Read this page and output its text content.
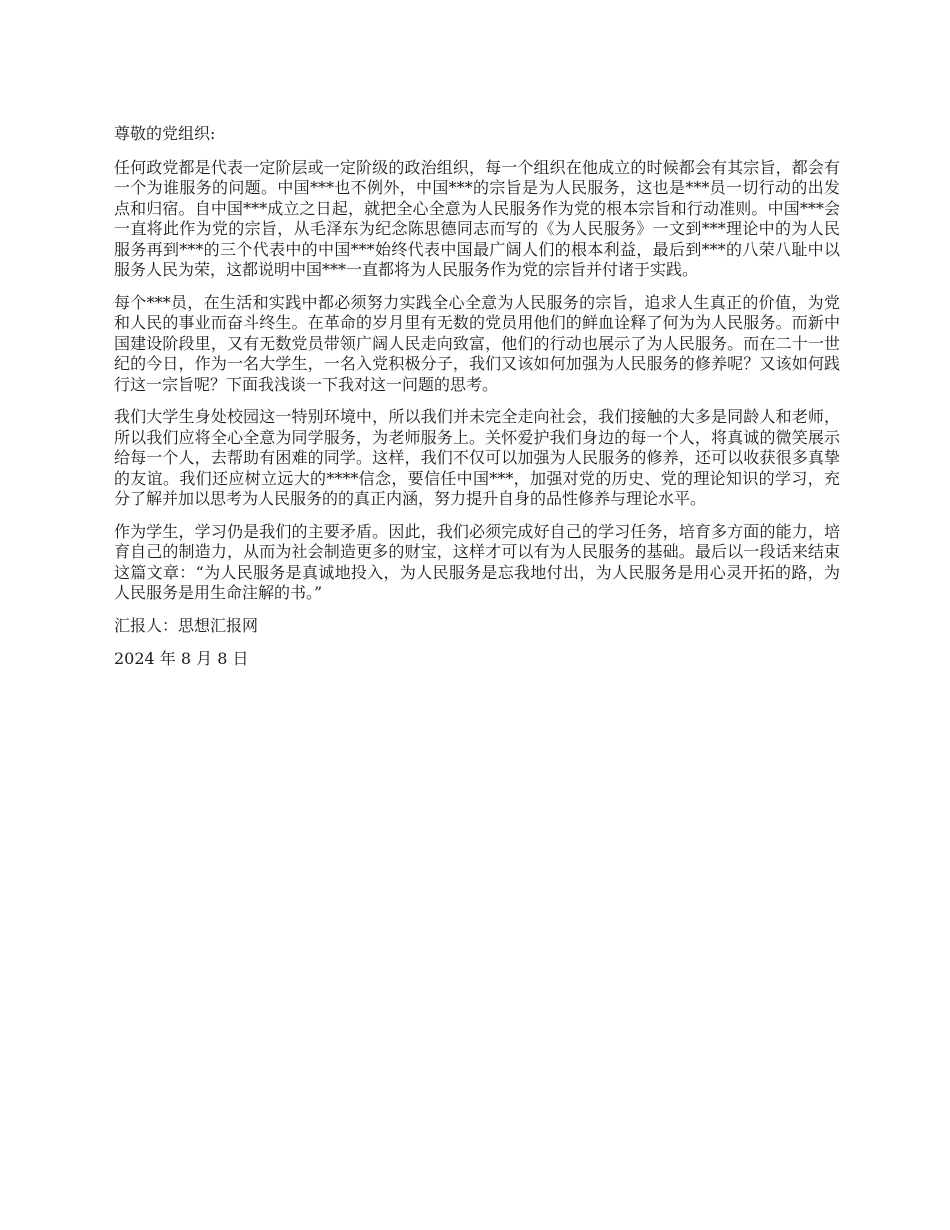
尊敬的党组织:

任何政党都是代表一定阶层或一定阶级的政治组织，每一个组织在他成立的时候都会有其宗旨，都会有一个为谁服务的问题。中国***也不例外，中国***的宗旨是为人民服务，这也是***员一切行动的出发点和归宿。自中国***成立之日起，就把全心全意为人民服务作为党的根本宗旨和行动准则。中国***会一直将此作为党的宗旨，从毛泽东为纪念陈思德同志而写的《为人民服务》一文到***理论中的为人民服务再到***的三个代表中的中国***始终代表中国最广阔人们的根本利益，最后到***的八荣八耻中以服务人民为荣，这都说明中国***一直都将为人民服务作为党的宗旨并付诸于实践。

每个***员，在生活和实践中都必须努力实践全心全意为人民服务的宗旨，追求人生真正的价值，为党和人民的事业而奋斗终生。在革命的岁月里有无数的党员用他们的鲜血诠释了何为为人民服务。而新中国建设阶段里，又有无数党员带领广阔人民走向致富，他们的行动也展示了为人民服务。而在二十一世纪的今日，作为一名大学生，一名入党积极分子，我们又该如何加强为人民服务的修养呢？又该如何践行这一宗旨呢？下面我浅谈一下我对这一问题的思考。

我们大学生身处校园这一特别环境中，所以我们并未完全走向社会，我们接触的大多是同龄人和老师，所以我们应将全心全意为同学服务，为老师服务上。关怀爱护我们身边的每一个人，将真诚的微笑展示给每一个人，去帮助有困难的同学。这样，我们不仅可以加强为人民服务的修养，还可以收获很多真挚的友谊。我们还应树立远大的****信念，要信任中国***，加强对党的历史、党的理论知识的学习，充分了解并加以思考为人民服务的的真正内涵，努力提升自身的品性修养与理论水平。

作为学生，学习仍是我们的主要矛盾。因此，我们必须完成好自己的学习任务，培育多方面的能力，培育自己的制造力，从而为社会制造更多的财宝，这样才可以有为人民服务的基础。最后以一段话来结束这篇文章：“为人民服务是真诚地投入，为人民服务是忘我地付出，为人民服务是用心灵开拓的路，为人民服务是用生命注解的书。”

汇报人：思想汇报网

2024 年 8 月 8 日
